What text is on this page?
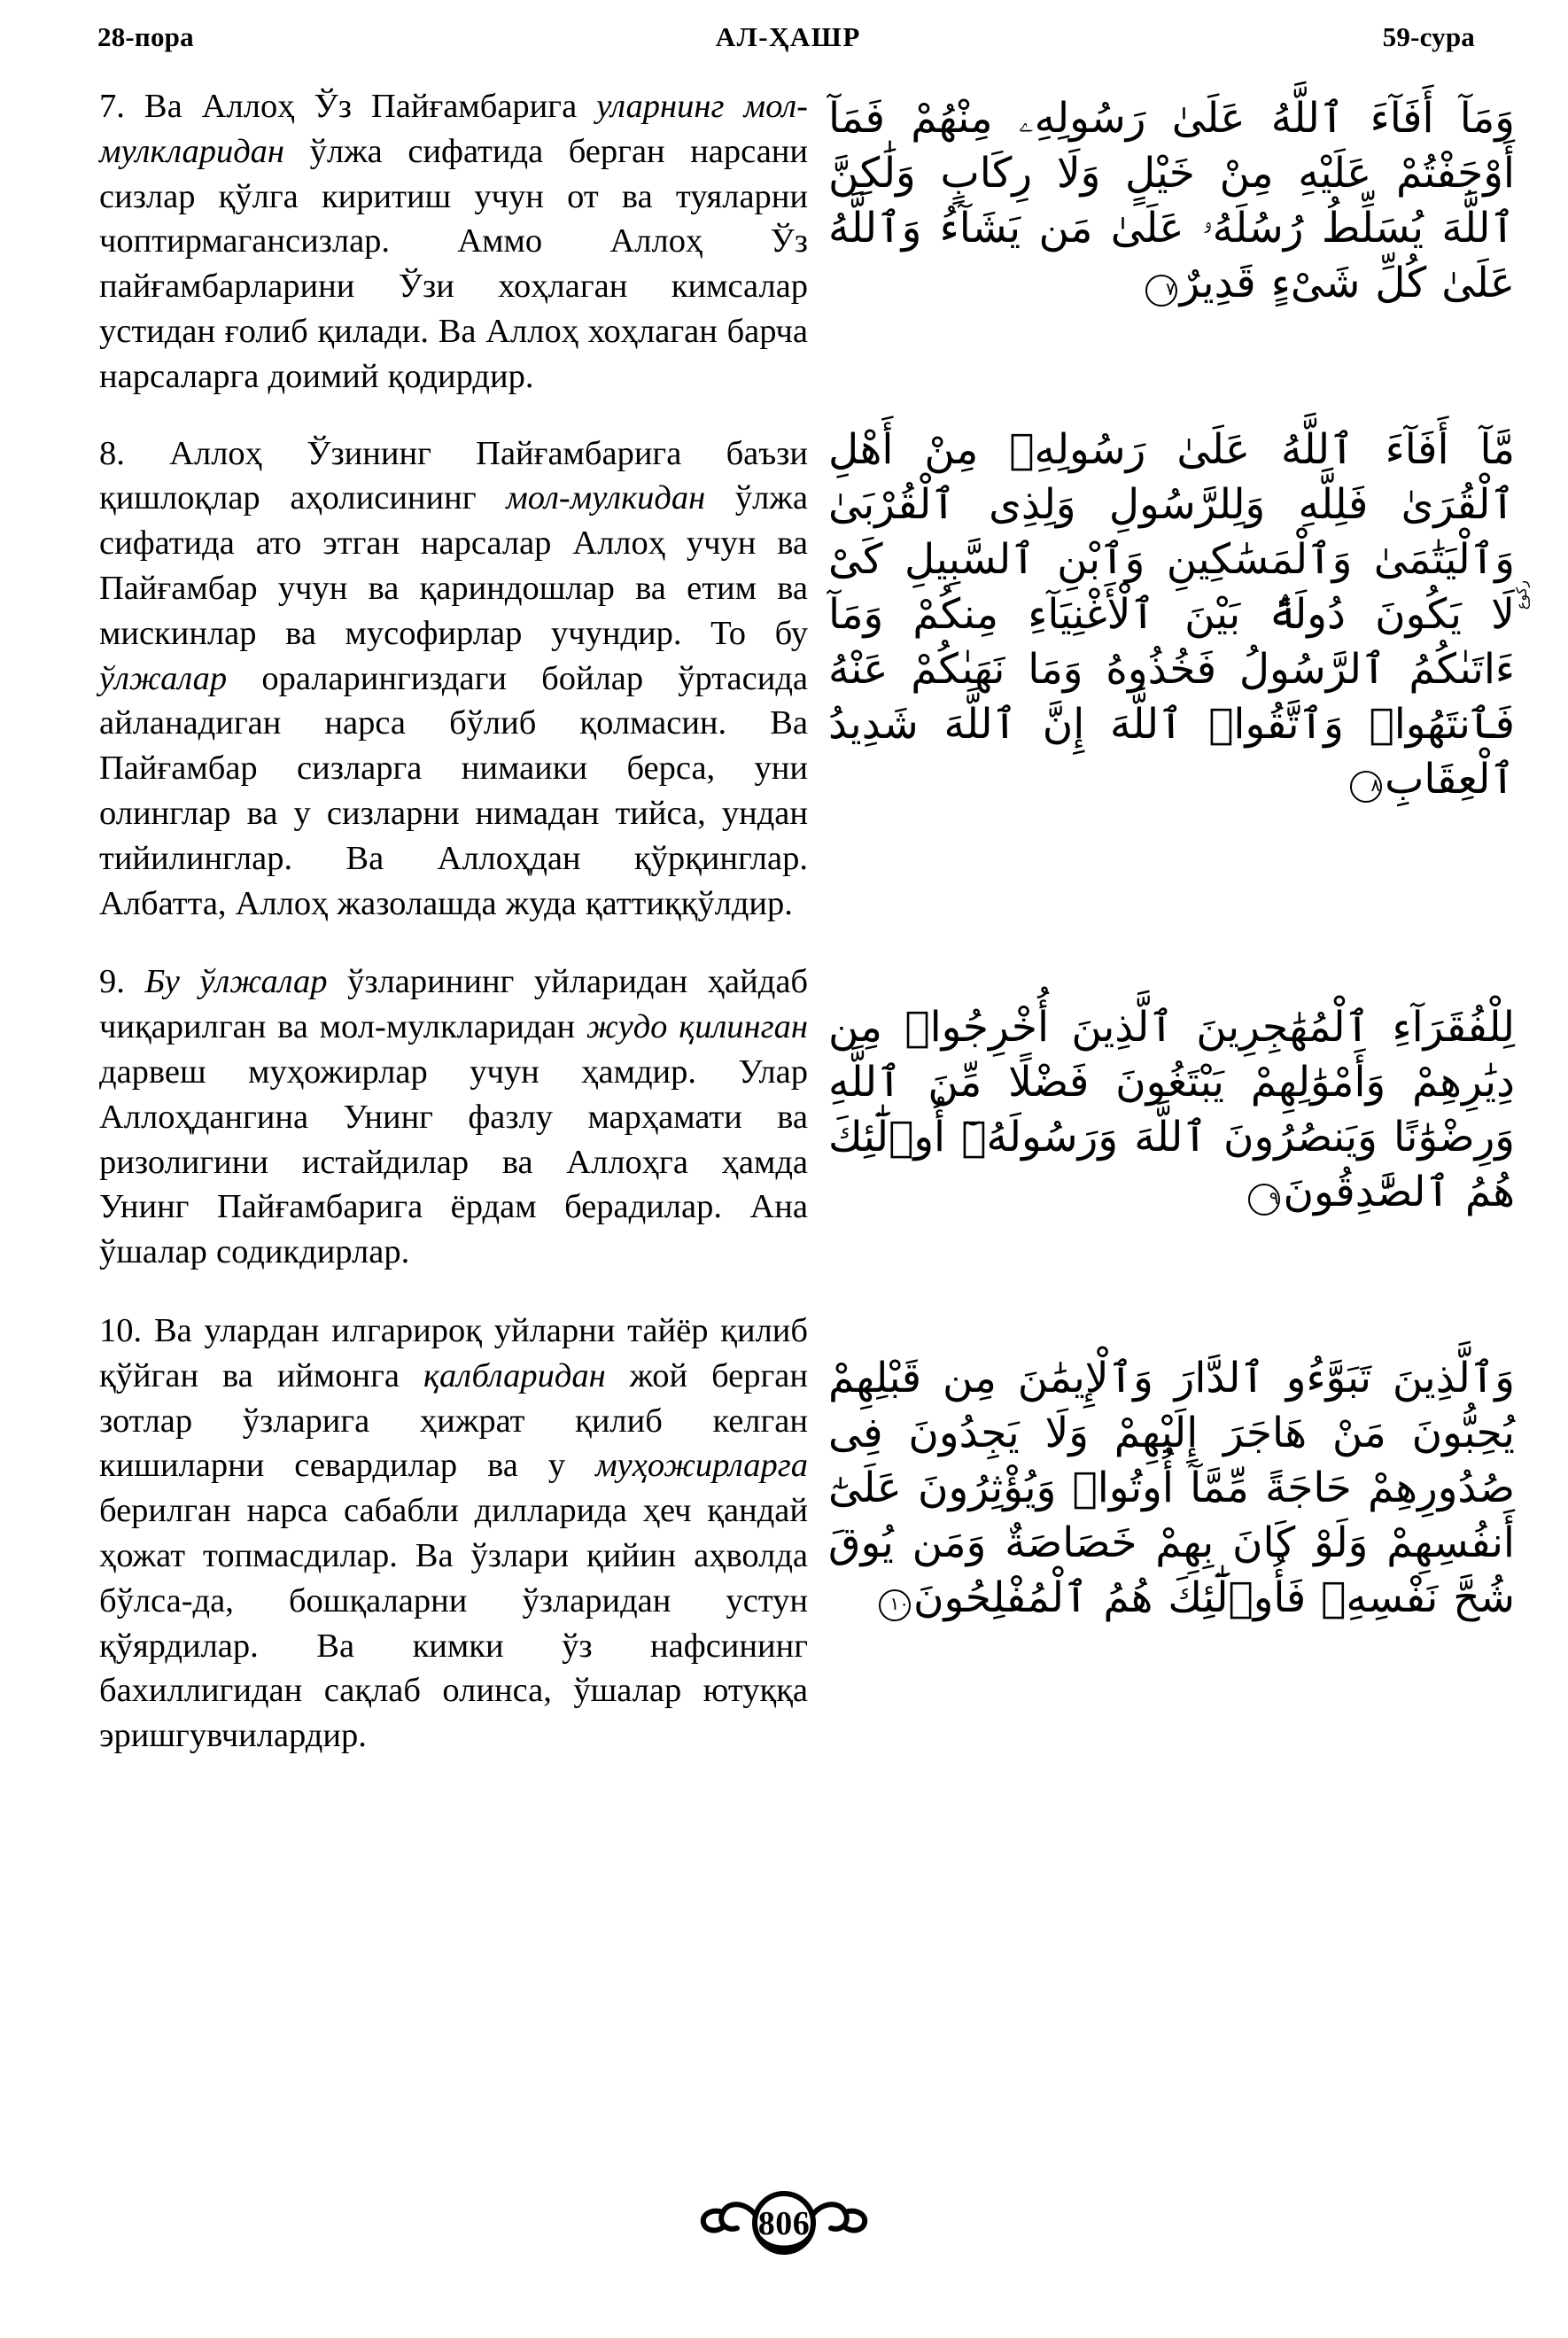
28-пора	АЛ-ҲАШР	59-сура

7. Ва Аллоҳ Ўз Пайғамбарига уларнинг мол-мулкларидан ўлжа сифатида берган нарсани сизлар қўлга киритиш учун от ва туяларни чоптирмагансизлар. Аммо Аллоҳ Ўз пайғамбарларини Ўзи хоҳлаган кимсалар устидан ғолиб қилади. Ва Аллоҳ хоҳлаган барча нарсаларга доимий қодирдир.

8. Аллоҳ Ўзининг Пайғамбарига баъзи қишлоқлар аҳолисининг мол-мулкидан ўлжа сифатида ато этган нарсалар Аллоҳ учун ва Пайғамбар учун ва қариндошлар ва етим ва мискинлар ва мусофирлар учундир. То бу ўлжалар ораларингиздаги бойлар ўртасида айланадиган нарса бўлиб қолмасин. Ва Пайғамбар сизларга нимаики берса, уни олинглар ва у сизларни нимадан тийса, ундан тийилинглар. Ва Аллоҳдан қўрқинглар. Албатта, Аллоҳ жазолашда жуда қаттиққўлдир.

9. Бу ўлжалар ўзларининг уйларидан ҳайдаб чиқарилган ва мол-мулкларидан жудо қилинган дарвеш муҳожирлар учун ҳамдир. Улар Аллоҳдангина Унинг фазлу марҳамати ва ризолигини истайдилар ва Аллоҳга ҳамда Унинг Пайғамбарига ёрдам берадилар. Ана ўшалар содикдирлар.

10. Ва улардан илгарироқ уйларни тайёр қилиб қўйган ва иймонга қалбларидан жой берган зотлар ўзларига ҳижрат қилиб келган кишиларни севардилар ва у муҳожирларга берилган нарса сабабли дилларида ҳеч қандай ҳожат топмасдилар. Ва ўзлари қийин аҳволда бўлса-да, бошқаларни ўзларидан устун қўярдилар. Ва кимки ўз нафсининг бахиллигидан сақлаб олинса, ўшалар ютуққа эришгувчилардир.

وَمَآ أَفَآءَ ٱللَّهُ عَلَىٰ رَسُولِهِۦ مِنْهُمْ فَمَآ أَوْجَفْتُمْ عَلَيْهِ مِنْ خَيْلٍ وَلَا رِكَابٍ وَلَٰكِنَّ ٱللَّهَ يُسَلِّطُ رُسُلَهُۥ عَلَىٰ مَن يَشَآءُ وَٱللَّهُ عَلَىٰ كُلِّ شَىْءٍ قَدِيرٌ٧

مَّآ أَفَآءَ ٱللَّهُ عَلَىٰ رَسُولِهِۦ مِنْ أَهْلِ ٱلْقُرَىٰ فَلِلَّهِ وَلِلرَّسُولِ وَلِذِى ٱلْقُرْبَىٰ وَٱلْيَتَٰمَىٰ وَٱلْمَسَٰكِينِ وَٱبْنِ ٱلسَّبِيلِ كَىْ لَا يَكُونَ دُولَةًۢ بَيْنَ ٱلْأَغْنِيَآءِ مِنكُمْ وَمَآ ءَاتَىٰكُمُ ٱلرَّسُولُ فَخُذُوهُ وَمَا نَهَىٰكُمْ عَنْهُ فَٱنتَهُوا۟ وَٱتَّقُوا۟ ٱللَّهَ إِنَّ ٱللَّهَ شَدِيدُ ٱلْعِقَابِ٨

لِلْفُقَرَآءِ ٱلْمُهَٰجِرِينَ ٱلَّذِينَ أُخْرِجُوا۟ مِن دِيَٰرِهِمْ وَأَمْوَٰلِهِمْ يَبْتَغُونَ فَضْلًا مِّنَ ٱللَّهِ وَرِضْوَٰنًا وَيَنصُرُونَ ٱللَّهَ وَرَسُولَهُۥٓ أُو۟لَٰٓئِكَ هُمُ ٱلصَّٰدِقُونَ٩

وَٱلَّذِينَ تَبَوَّءُو ٱلدَّارَ وَٱلْإِيمَٰنَ مِن قَبْلِهِمْ يُحِبُّونَ مَنْ هَاجَرَ إِلَيْهِمْ وَلَا يَجِدُونَ فِى صُدُورِهِمْ حَاجَةً مِّمَّآ أُوتُوا۟ وَيُؤْثِرُونَ عَلَىٰٓ أَنفُسِهِمْ وَلَوْ كَانَ بِهِمْ خَصَاصَةٌ وَمَن يُوقَ شُحَّ نَفْسِهِۦ فَأُو۟لَٰٓئِكَ هُمُ ٱلْمُفْلِحُونَ١٠

ركوع
806
